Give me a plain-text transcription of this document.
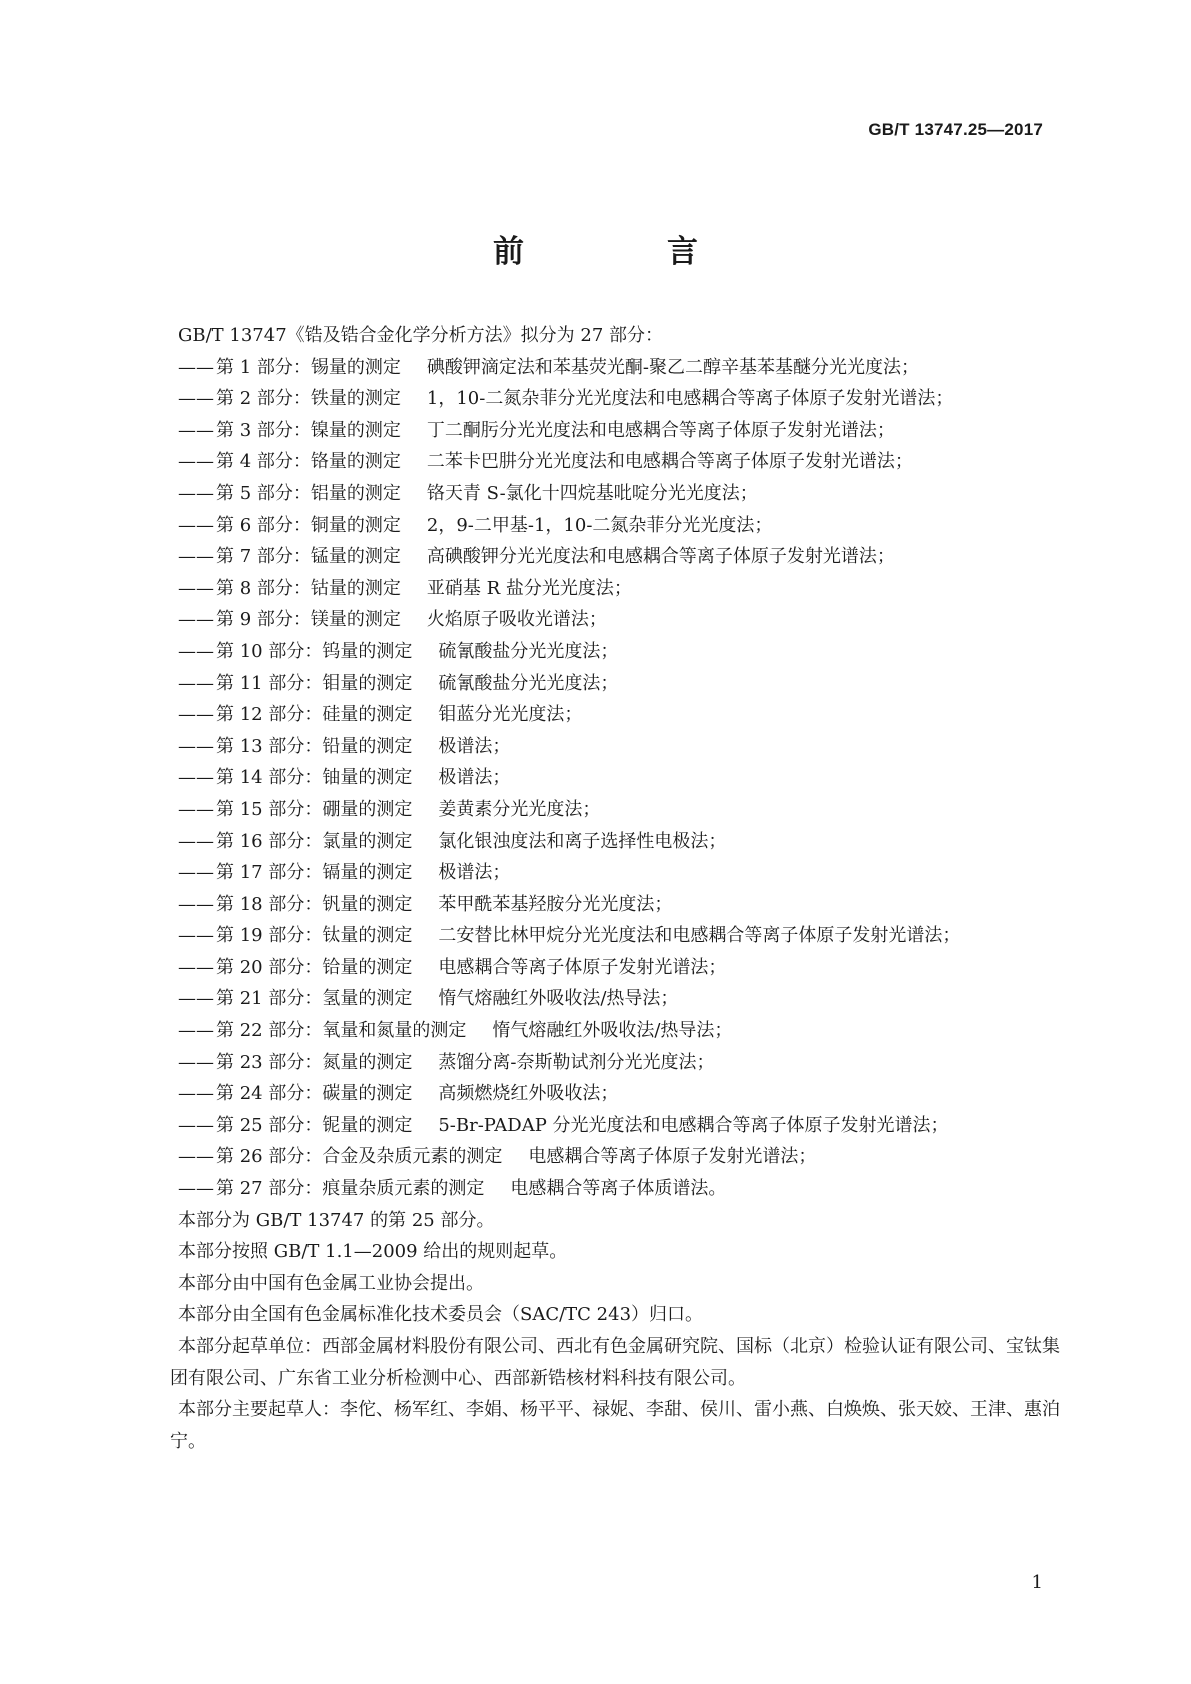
GB/T 13747.25—2017
前　言
GB/T 13747《锆及锆合金化学分析方法》拟分为 27 部分：
—— 第 1 部分：锡量的测定 碘酸钾滴定法和苯基荧光酮-聚乙二醇辛基苯基醚分光光度法；
—— 第 2 部分：铁量的测定 1，10-二氮杂菲分光光度法和电感耦合等离子体原子发射光谱法；
—— 第 3 部分：镍量的测定 丁二酮肟分光光度法和电感耦合等离子体原子发射光谱法；
—— 第 4 部分：铬量的测定 二苯卡巴肼分光光度法和电感耦合等离子体原子发射光谱法；
—— 第 5 部分：铝量的测定 铬天青 S-氯化十四烷基吡啶分光光度法；
—— 第 6 部分：铜量的测定 2，9-二甲基-1，10-二氮杂菲分光光度法；
—— 第 7 部分：锰量的测定 高碘酸钾分光光度法和电感耦合等离子体原子发射光谱法；
—— 第 8 部分：钴量的测定 亚硝基 R 盐分光光度法；
—— 第 9 部分：镁量的测定 火焰原子吸收光谱法；
—— 第 10 部分：钨量的测定 硫氰酸盐分光光度法；
—— 第 11 部分：钼量的测定 硫氰酸盐分光光度法；
—— 第 12 部分：硅量的测定 钼蓝分光光度法；
—— 第 13 部分：铅量的测定 极谱法；
—— 第 14 部分：铀量的测定 极谱法；
—— 第 15 部分：硼量的测定 姜黄素分光光度法；
—— 第 16 部分：氯量的测定 氯化银浊度法和离子选择性电极法；
—— 第 17 部分：镉量的测定 极谱法；
—— 第 18 部分：钒量的测定 苯甲酰苯基羟胺分光光度法；
—— 第 19 部分：钛量的测定 二安替比林甲烷分光光度法和电感耦合等离子体原子发射光谱法；
—— 第 20 部分：铪量的测定 电感耦合等离子体原子发射光谱法；
—— 第 21 部分：氢量的测定 惰气熔融红外吸收法/热导法；
—— 第 22 部分：氧量和氮量的测定 惰气熔融红外吸收法/热导法；
—— 第 23 部分：氮量的测定 蒸馏分离-奈斯勒试剂分光光度法；
—— 第 24 部分：碳量的测定 高频燃烧红外吸收法；
—— 第 25 部分：铌量的测定 5-Br-PADAP 分光光度法和电感耦合等离子体原子发射光谱法；
—— 第 26 部分：合金及杂质元素的测定 电感耦合等离子体原子发射光谱法；
—— 第 27 部分：痕量杂质元素的测定 电感耦合等离子体质谱法。
本部分为 GB/T 13747 的第 25 部分。
本部分按照 GB/T 1.1—2009 给出的规则起草。
本部分由中国有色金属工业协会提出。
本部分由全国有色金属标准化技术委员会（SAC/TC 243）归口。
本部分起草单位：西部金属材料股份有限公司、西北有色金属研究院、国标（北京）检验认证有限公司、宝钛集团有限公司、广东省工业分析检测中心、西部新锆核材料科技有限公司。
本部分主要起草人：李佗、杨军红、李娟、杨平平、禄妮、李甜、侯川、雷小燕、白焕焕、张天姣、王津、惠泊宁。
1
